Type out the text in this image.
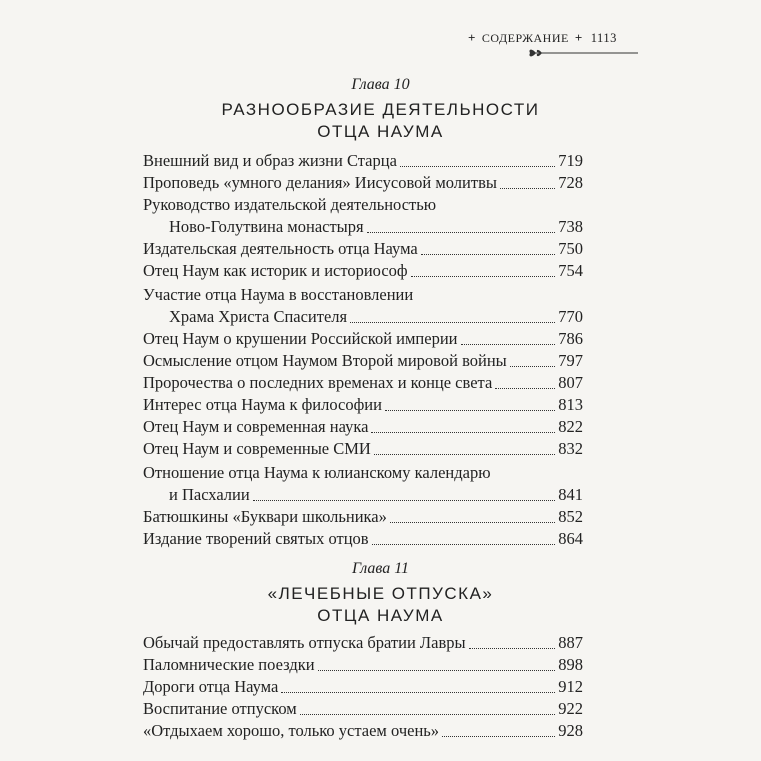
+ СОДЕРЖАНИЕ + 1113
Глава 10
РАЗНООБРАЗИЕ ДЕЯТЕЛЬНОСТИ
ОТЦА НАУМА
Внешний вид и образ жизни Старца	719
Проповедь «умного делания» Иисусовой молитвы	728
Руководство издательской деятельностью
Ново-Голутвина монастыря	738
Издательская деятельность отца Наума	750
Отец Наум как историк и историософ	754
Участие отца Наума в восстановлении
Храма Христа Спасителя	770
Отец Наум о крушении Российской империи	786
Осмысление отцом Наумом Второй мировой войны	797
Пророчества о последних временах и конце света	807
Интерес отца Наума к философии	813
Отец Наум и современная наука	822
Отец Наум и современные СМИ	832
Отношение отца Наума к юлианскому календарю
и Пасхалии	841
Батюшкины «Буквари школьника»	852
Издание творений святых отцов	864
Глава 11
«ЛЕЧЕБНЫЕ ОТПУСКА»
ОТЦА НАУМА
Обычай предоставлять отпуска братии Лавры	887
Паломнические поездки	898
Дороги отца Наума	912
Воспитание отпуском	922
«Отдыхаем хорошо, только устаем очень»	928
